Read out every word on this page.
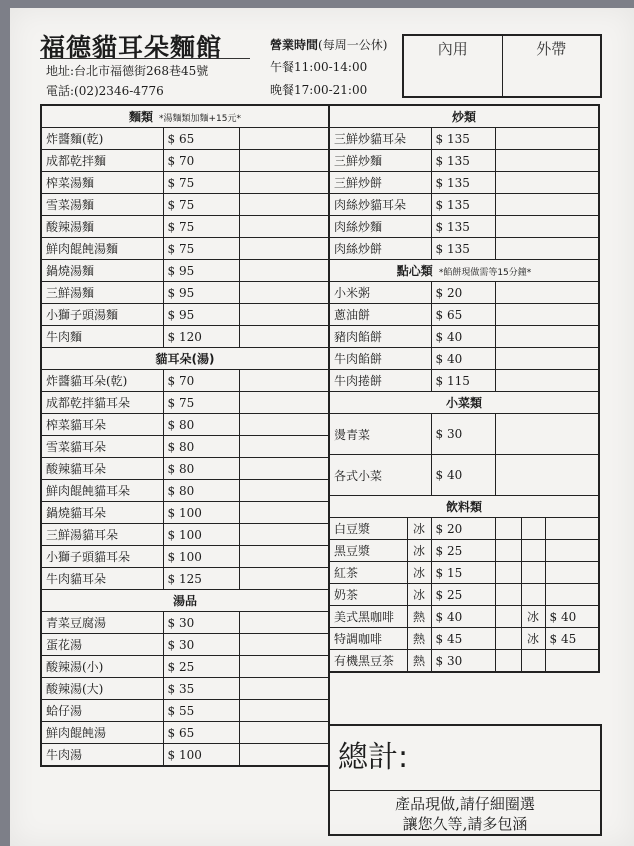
福德貓耳朵麵館
地址:台北市福德街268巷45號
電話:(02)2346-4776
營業時間(每周一公休)
午餐11:00-14:00
晚餐17:00-21:00
內用	外帶
麵類 *湯麵類加麵+15元*		
炸醬麵(乾)	$ 65	
成都乾拌麵	$ 70	
榨菜湯麵	$ 75	
雪菜湯麵	$ 75	
酸辣湯麵	$ 75	
鮮肉餛飩湯麵	$ 75	
鍋燒湯麵	$ 95	
三鮮湯麵	$ 95	
小獅子頭湯麵	$ 95	
牛肉麵	$ 120	
貓耳朵(湯)		
炸醬貓耳朵(乾)	$ 70	
成都乾拌貓耳朵	$ 75	
榨菜貓耳朵	$ 80	
雪菜貓耳朵	$ 80	
酸辣貓耳朵	$ 80	
鮮肉餛飩貓耳朵	$ 80	
鍋燒貓耳朵	$ 100	
三鮮湯貓耳朵	$ 100	
小獅子頭貓耳朵	$ 100	
牛肉貓耳朵	$ 125	
湯品		
青菜豆腐湯	$ 30	
蛋花湯	$ 30	
酸辣湯(小)	$ 25	
酸辣湯(大)	$ 35	
蛤仔湯	$ 55	
鮮肉餛飩湯	$ 65	
牛肉湯	$ 100	
炒類					
三鮮炒貓耳朵		$ 135			
三鮮炒麵		$ 135			
三鮮炒餅		$ 135			
肉絲炒貓耳朵		$ 135			
肉絲炒麵		$ 135			
肉絲炒餅		$ 135			
點心類 *餡餅現做需等15分鐘*					
小米粥		$ 20			
蔥油餅		$ 65			
豬肉餡餅		$ 40			
牛肉餡餅		$ 40			
牛肉捲餅		$ 115			
小菜類					
燙青菜		$ 30			
各式小菜		$ 40			
飲料類					
白豆漿	冰	$ 20			
黑豆漿	冰	$ 25			
紅茶	冰	$ 15			
奶茶	冰	$ 25			
美式黑咖啡	熱	$ 40		冰	$ 40
特調咖啡	熱	$ 45		冰	$ 45
有機黑豆茶	熱	$ 30			
總計:
產品現做,請仔細圈選
讓您久等,請多包涵
